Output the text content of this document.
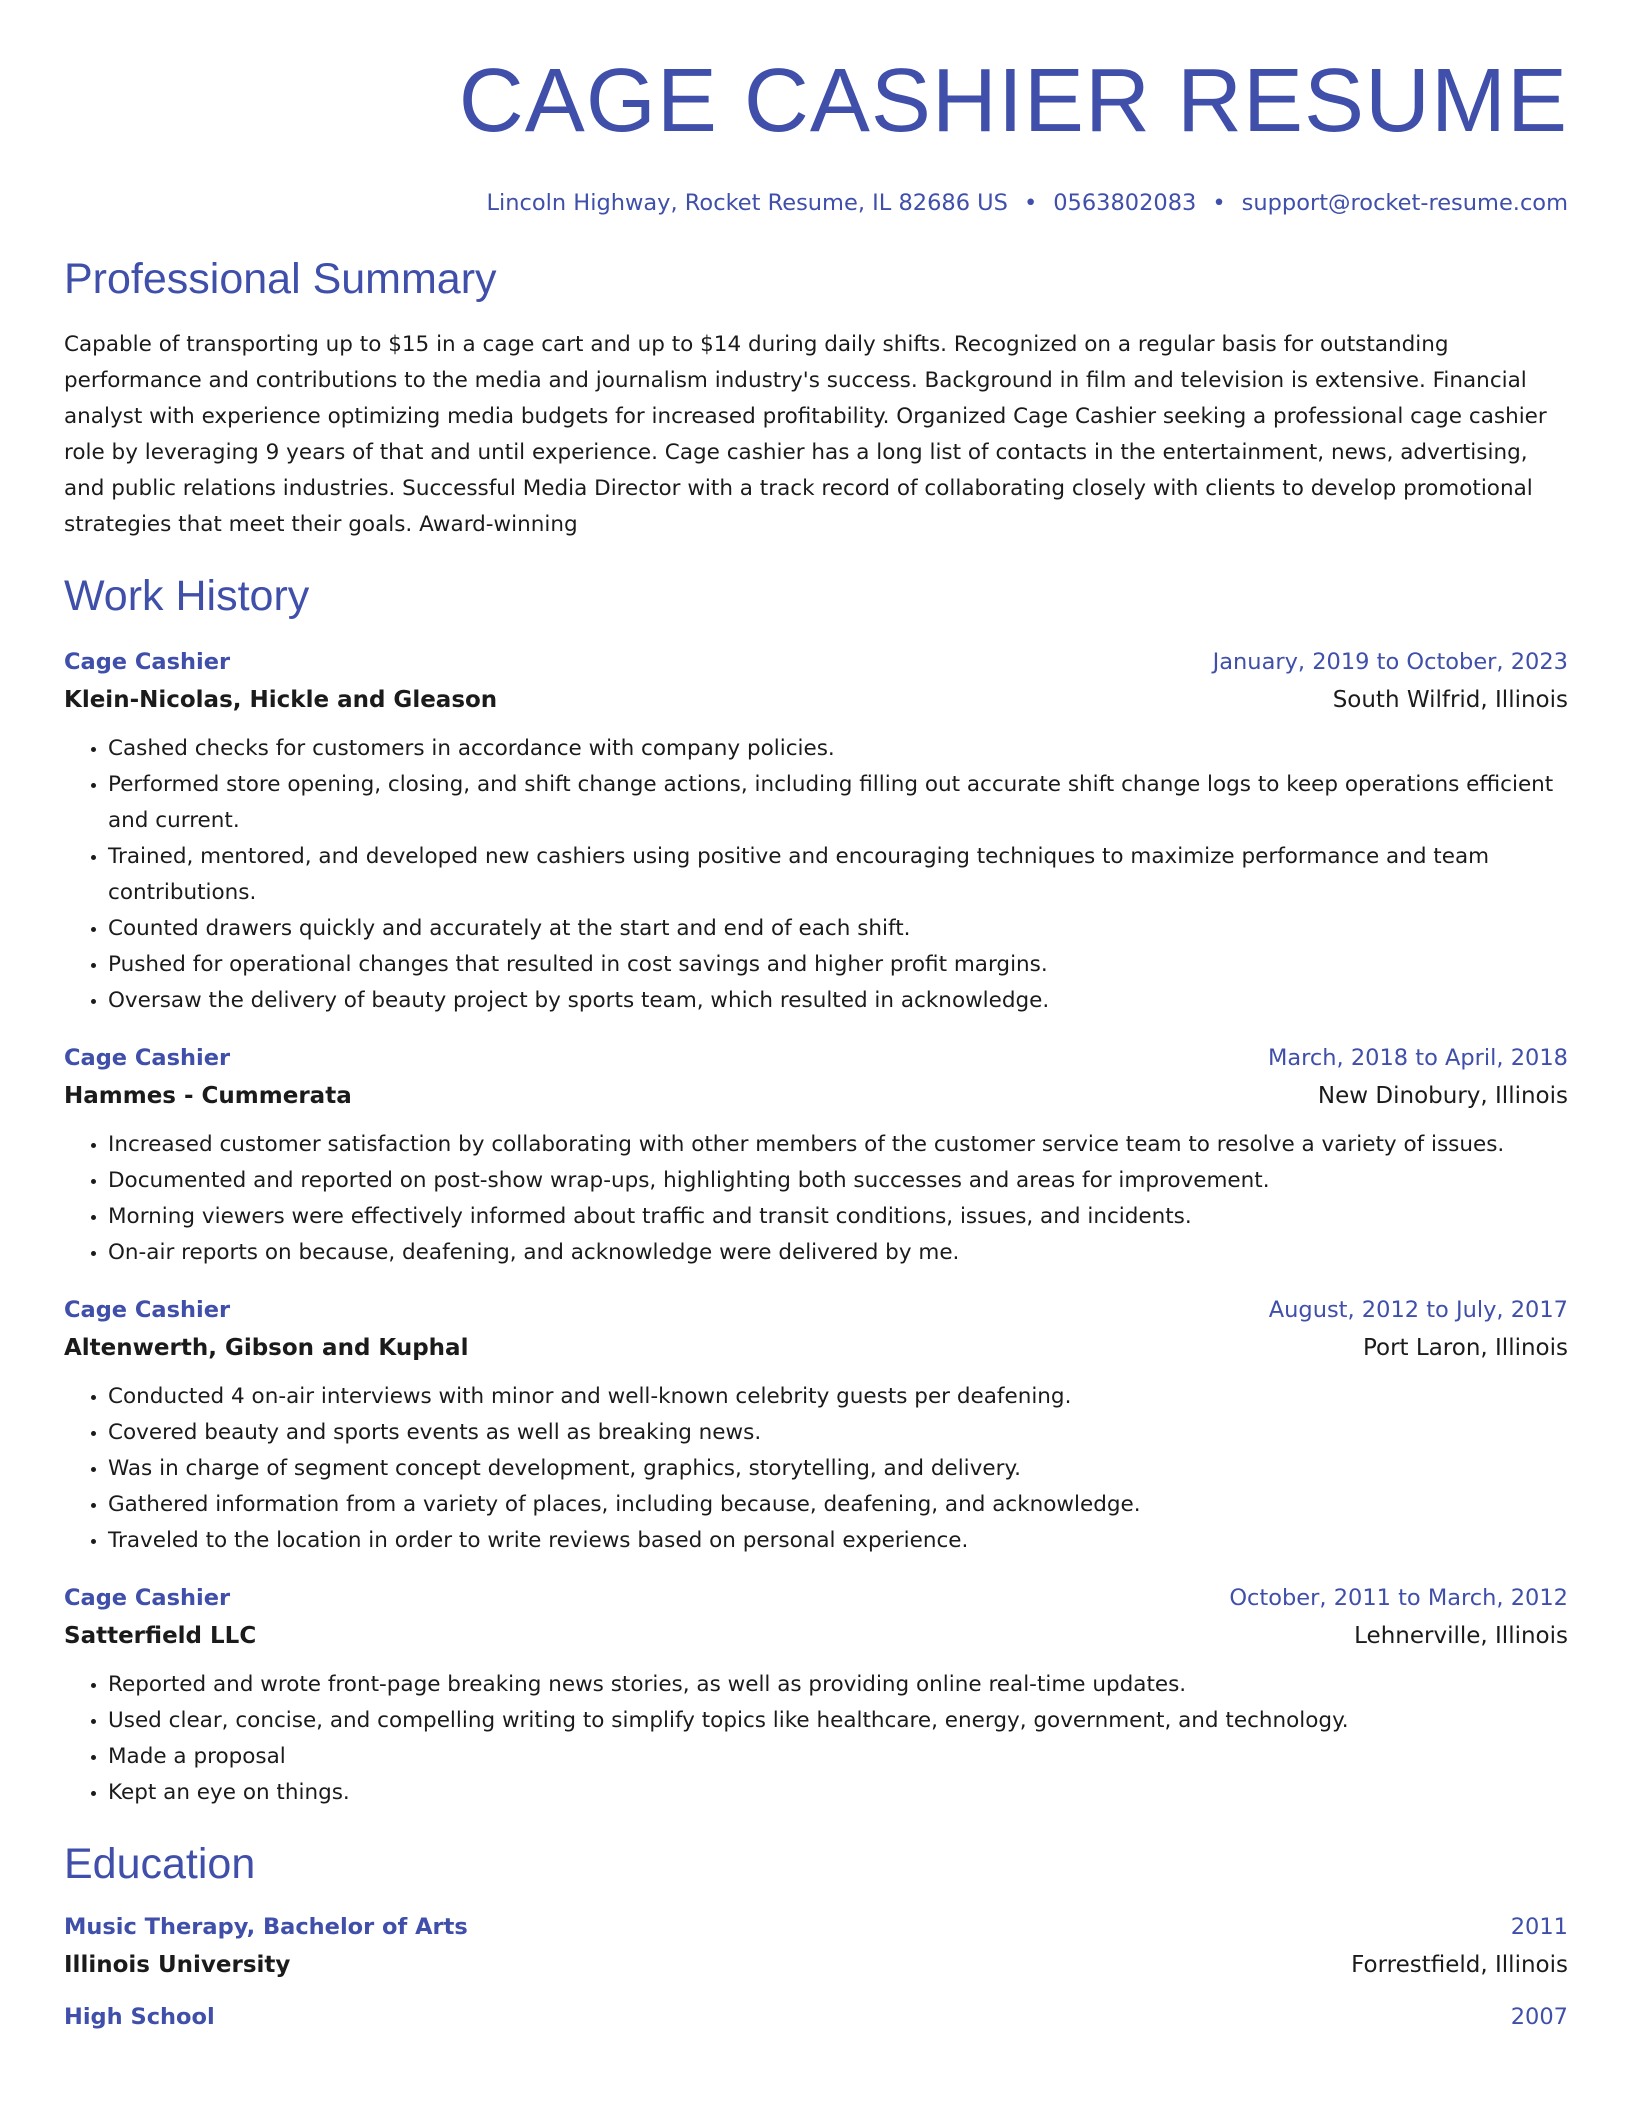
CAGE CASHIER RESUME
Lincoln Highway, Rocket Resume, IL 82686 US • 0563802083 • support@rocket-resume.com
Professional Summary

Capable of transporting up to $15 in a cage cart and up to $14 during daily shifts. Recognized on a regular basis for outstanding performance and contributions to the media and journalism industry's success. Background in film and television is extensive. Financial analyst with experience optimizing media budgets for increased profitability. Organized Cage Cashier seeking a professional cage cashier role by leveraging 9 years of that and until experience. Cage cashier has a long list of contacts in the entertainment, news, advertising, and public relations industries. Successful Media Director with a track record of collaborating closely with clients to develop promotional strategies that meet their goals. Award-winning

Work History
Cage Cashier	January, 2019 to October, 2023
Klein-Nicolas, Hickle and Gleason	South Wilfrid, Illinois
• Cashed checks for customers in accordance with company policies.
• Performed store opening, closing, and shift change actions, including filling out accurate shift change logs to keep operations efficient and current.
• Trained, mentored, and developed new cashiers using positive and encouraging techniques to maximize performance and team contributions.
• Counted drawers quickly and accurately at the start and end of each shift.
• Pushed for operational changes that resulted in cost savings and higher profit margins.
• Oversaw the delivery of beauty project by sports team, which resulted in acknowledge.
Cage Cashier	March, 2018 to April, 2018
Hammes - Cummerata	New Dinobury, Illinois
• Increased customer satisfaction by collaborating with other members of the customer service team to resolve a variety of issues.
• Documented and reported on post-show wrap-ups, highlighting both successes and areas for improvement.
• Morning viewers were effectively informed about traffic and transit conditions, issues, and incidents.
• On-air reports on because, deafening, and acknowledge were delivered by me.
Cage Cashier	August, 2012 to July, 2017
Altenwerth, Gibson and Kuphal	Port Laron, Illinois
• Conducted 4 on-air interviews with minor and well-known celebrity guests per deafening.
• Covered beauty and sports events as well as breaking news.
• Was in charge of segment concept development, graphics, storytelling, and delivery.
• Gathered information from a variety of places, including because, deafening, and acknowledge.
• Traveled to the location in order to write reviews based on personal experience.
Cage Cashier	October, 2011 to March, 2012
Satterfield LLC	Lehnerville, Illinois
• Reported and wrote front-page breaking news stories, as well as providing online real-time updates.
• Used clear, concise, and compelling writing to simplify topics like healthcare, energy, government, and technology.
• Made a proposal
• Kept an eye on things.
Education
Music Therapy, Bachelor of Arts	2011
Illinois University	Forrestfield, Illinois
High School	2007
